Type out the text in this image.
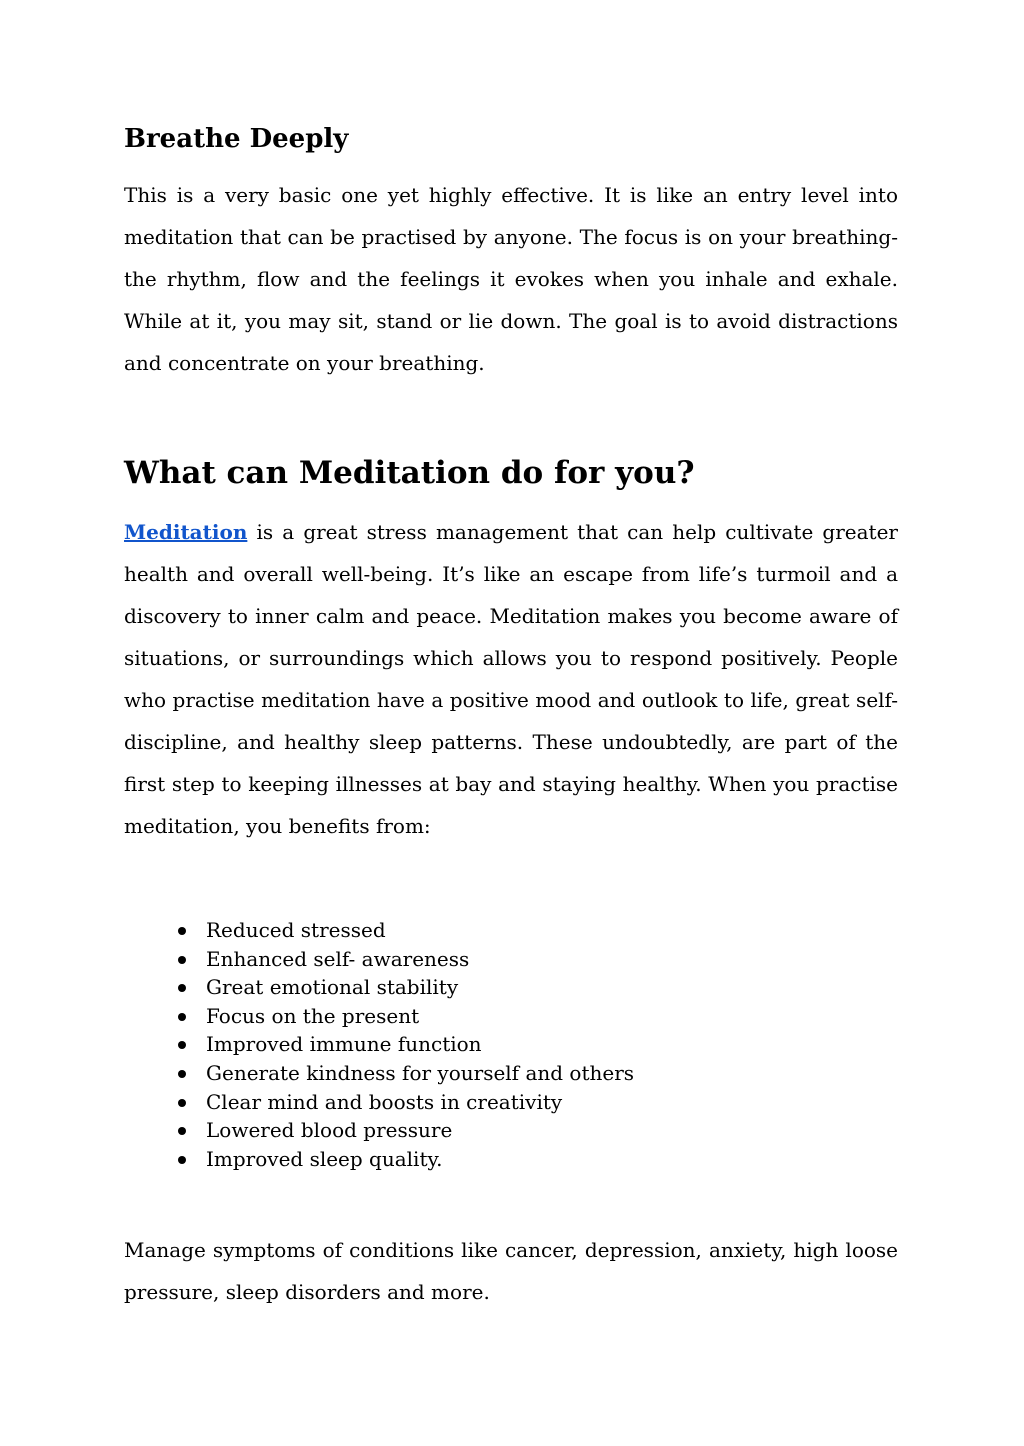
Breathe Deeply

This is a very basic one yet highly effective. It is like an entry level into meditation that can be practised by anyone. The focus is on your breathing- the rhythm, flow and the feelings it evokes when you inhale and exhale. While at it, you may sit, stand or lie down. The goal is to avoid distractions and concentrate on your breathing.

What can Meditation do for you?

Meditation is a great stress management that can help cultivate greater health and overall well-being. It’s like an escape from life’s turmoil and a discovery to inner calm and peace. Meditation makes you become aware of situations, or surroundings which allows you to respond positively. People who practise meditation have a positive mood and outlook to life, great self-discipline, and healthy sleep patterns. These undoubtedly, are part of the first step to keeping illnesses at bay and staying healthy. When you practise meditation, you benefits from:

Reduced stressed
Enhanced self- awareness
Great emotional stability
Focus on the present
Improved immune function
Generate kindness for yourself and others
Clear mind and boosts in creativity
Lowered blood pressure
Improved sleep quality.

Manage symptoms of conditions like cancer, depression, anxiety, high loose pressure, sleep disorders and more.
